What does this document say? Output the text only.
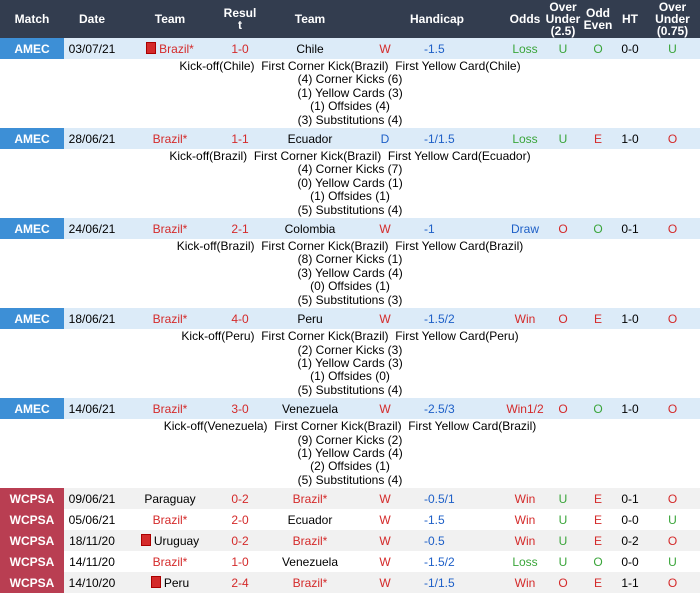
Match	Date	Team	Resul
t	Team		Handicap	Odds	Over
Under
(2.5)	Odd
Even	HT	Over
Under
(0.75)
AMEC	03/07/21	Brazil*	1-0	Chile	W	-1.5	Loss	U	O	0-0	U

Kick-off(Chile)  First Corner Kick(Brazil)  First Yellow Card(Chile)
(4) Corner Kicks (6)
(1) Yellow Cards (3)
(1) Offsides (4)
(3) Substitutions (4)											

AMEC	28/06/21	Brazil*	1-1	Ecuador	D	-1/1.5	Loss	U	E	1-0	O

Kick-off(Brazil)  First Corner Kick(Brazil)  First Yellow Card(Ecuador)
(4) Corner Kicks (7)
(0) Yellow Cards (1)
(1) Offsides (1)
(5) Substitutions (4)											

AMEC	24/06/21	Brazil*	2-1	Colombia	W	-1	Draw	O	O	0-1	O

Kick-off(Brazil)  First Corner Kick(Brazil)  First Yellow Card(Brazil)
(8) Corner Kicks (1)
(3) Yellow Cards (4)
(0) Offsides (1)
(5) Substitutions (3)											

AMEC	18/06/21	Brazil*	4-0	Peru	W	-1.5/2	Win	O	E	1-0	O

Kick-off(Peru)  First Corner Kick(Brazil)  First Yellow Card(Peru)
(2) Corner Kicks (3)
(1) Yellow Cards (3)
(1) Offsides (0)
(5) Substitutions (4)											

AMEC	14/06/21	Brazil*	3-0	Venezuela	W	-2.5/3	Win1/2	O	O	1-0	O

Kick-off(Venezuela)  First Corner Kick(Brazil)  First Yellow Card(Brazil)
(9) Corner Kicks (2)
(1) Yellow Cards (4)
(2) Offsides (1)
(5) Substitutions (4)											

WCPSA	09/06/21	Paraguay	0-2	Brazil*	W	-0.5/1	Win	U	E	0-1	O
WCPSA	05/06/21	Brazil*	2-0	Ecuador	W	-1.5	Win	U	E	0-0	U
WCPSA	18/11/20	Uruguay	0-2	Brazil*	W	-0.5	Win	U	E	0-2	O
WCPSA	14/11/20	Brazil*	1-0	Venezuela	W	-1.5/2	Loss	U	O	0-0	U
WCPSA	14/10/20	Peru	2-4	Brazil*	W	-1/1.5	Win	O	E	1-1	O
